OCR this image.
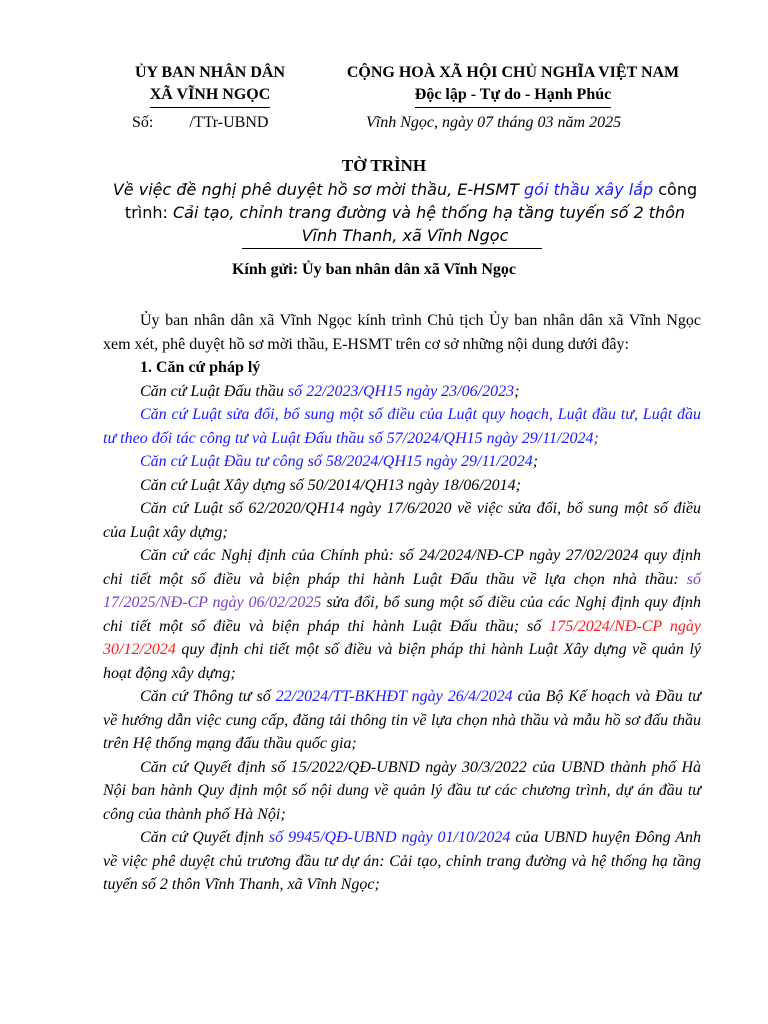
ỦY BAN NHÂN DÂN
XÃ VĨNH NGỌC
CỘNG HOÀ XÃ HỘI CHỦ NGHĨA VIỆT NAM
Độc lập - Tự do - Hạnh Phúc
Số:         /TTr-UBND	Vĩnh Ngọc, ngày 07 tháng 03 năm 2025
TỜ TRÌNH
Về việc đề nghị phê duyệt hồ sơ mời thầu, E-HSMT gói thầu xây lắp công trình: Cải tạo, chỉnh trang đường và hệ thống hạ tầng tuyến số 2 thôn Vĩnh Thanh, xã Vĩnh Ngọc
Kính gửi: Ủy ban nhân dân xã Vĩnh Ngọc

Ủy ban nhân dân xã Vĩnh Ngọc kính trình Chủ tịch Ủy ban nhân dân xã Vĩnh Ngọc xem xét, phê duyệt hồ sơ mời thầu, E-HSMT trên cơ sở những nội dung dưới đây:

1. Căn cứ pháp lý

Căn cứ Luật Đấu thầu số 22/2023/QH15 ngày 23/06/2023;

Căn cứ Luật sửa đổi, bổ sung một số điều của Luật quy hoạch, Luật đầu tư, Luật đầu tư theo đối tác công tư và Luật Đấu thầu số 57/2024/QH15 ngày 29/11/2024;

Căn cứ Luật Đầu tư công số 58/2024/QH15 ngày 29/11/2024;

Căn cứ Luật Xây dựng số 50/2014/QH13 ngày 18/06/2014;

Căn cứ Luật số 62/2020/QH14 ngày 17/6/2020 về việc sửa đổi, bổ sung một số điều của Luật xây dựng;

Căn cứ các Nghị định của Chính phủ: số 24/2024/NĐ-CP ngày 27/02/2024 quy định chi tiết một số điều và biện pháp thi hành Luật Đấu thầu về lựa chọn nhà thầu: số 17/2025/NĐ-CP ngày 06/02/2025 sửa đổi, bổ sung một số điều của các Nghị định quy định chi tiết một số điều và biện pháp thi hành Luật Đấu thầu; số 175/2024/NĐ-CP ngày 30/12/2024 quy định chi tiết một số điều và biện pháp thi hành Luật Xây dựng về quản lý hoạt động xây dựng;

Căn cứ Thông tư số 22/2024/TT-BKHĐT ngày 26/4/2024 của Bộ Kế hoạch và Đầu tư về hướng dẫn việc cung cấp, đăng tải thông tin về lựa chọn nhà thầu và mẫu hồ sơ đấu thầu trên Hệ thống mạng đấu thầu quốc gia;

Căn cứ Quyết định số 15/2022/QĐ-UBND ngày 30/3/2022 của UBND thành phố Hà Nội ban hành Quy định một số nội dung về quản lý đầu tư các chương trình, dự án đầu tư công của thành phố Hà Nội;

Căn cứ Quyết định số 9945/QĐ-UBND ngày 01/10/2024 của UBND huyện Đông Anh về việc phê duyệt chủ trương đầu tư dự án: Cải tạo, chỉnh trang đường và hệ thống hạ tầng tuyến số 2 thôn Vĩnh Thanh, xã Vĩnh Ngọc;
